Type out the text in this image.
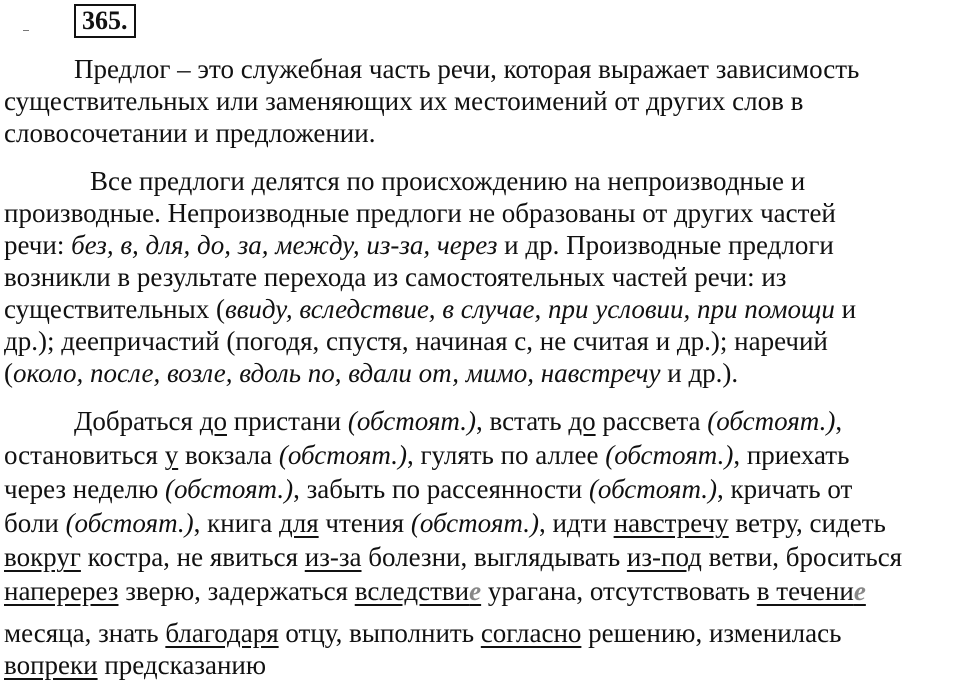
365.
Предлог – это служебная часть речи, которая выражает зависимость
существительных или заменяющих их местоимений от других слов в
словосочетании и предложении.
Все предлоги делятся по происхождению на непроизводные и
производные. Непроизводные предлоги не образованы от других частей
речи: без, в, для, до, за, между, из-за, через и др. Производные предлоги
возникли в результате перехода из самостоятельных частей речи: из
существительных (ввиду, вследствие, в случае, при условии, при помощи и
др.); деепричастий (погодя, спустя, начиная с, не считая и др.); наречий
(около, после, возле, вдоль по, вдали от, мимо, навстречу и др.).
Добраться до пристани (обстоят.), встать до рассвета (обстоят.),
остановиться у вокзала (обстоят.), гулять по аллее (обстоят.), приехать
через неделю (обстоят.), забыть по рассеянности (обстоят.), кричать от
боли (обстоят.), книга для чтения (обстоят.), идти навстречу ветру, сидеть
вокруг костра, не явиться из-за болезни, выглядывать из-под ветви, броситься
наперерез зверю, задержаться вследствие урагана, отсутствовать в течение
месяца, знать благодаря отцу, выполнить согласно решению, изменилась
вопреки предсказанию
